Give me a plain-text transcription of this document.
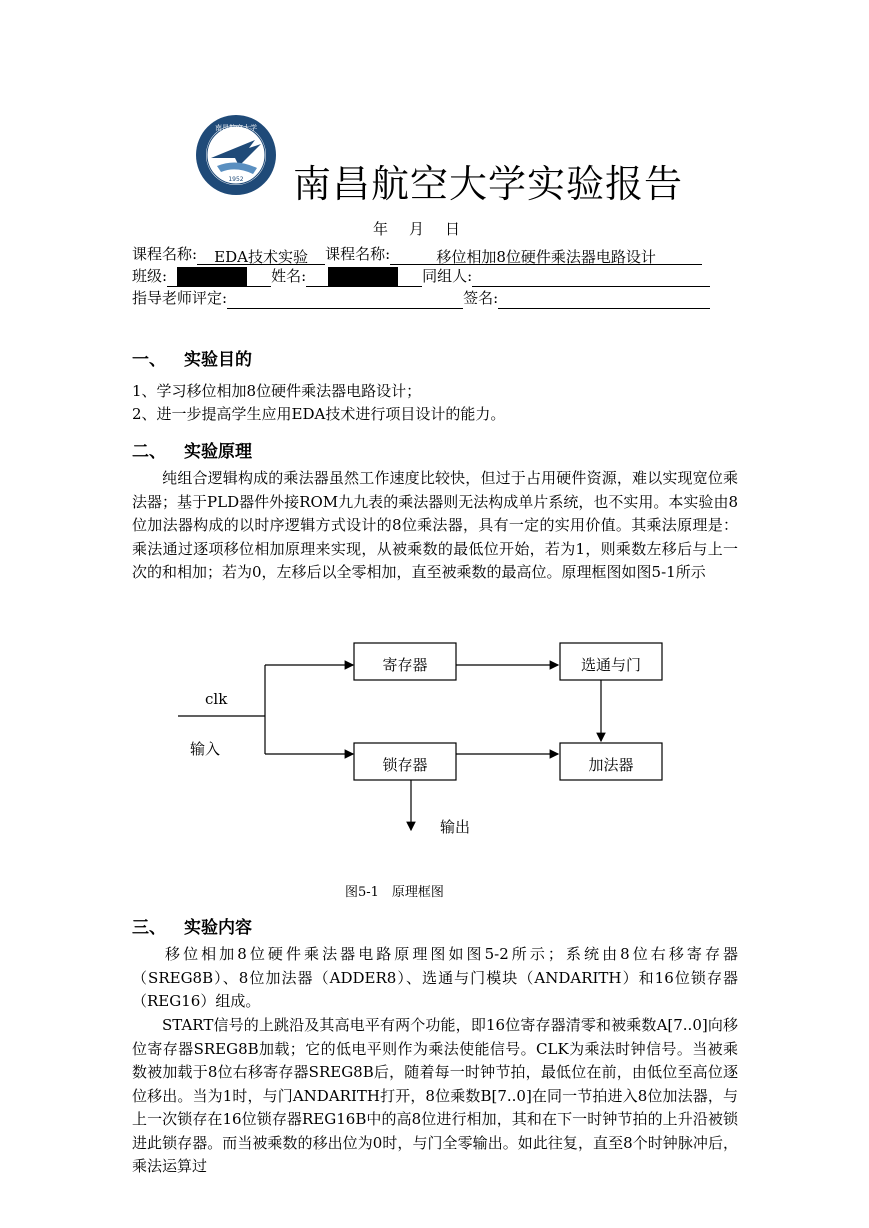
1952
南昌航空大学
南昌航空大学实验报告
年 月 日
课程名称: EDA技术实验 课程名称:	移位相加8位硬件乘法器电路设计
班级:	姓名:	同组人:
指导老师评定:	签名:
一、 实验目的
1、学习移位相加8位硬件乘法器电路设计；
2、进一步提高学生应用EDA技术进行项目设计的能力。
二、 实验原理
纯组合逻辑构成的乘法器虽然工作速度比较快，但过于占用硬件资源，难以实现宽位乘法器；基于PLD器件外接ROM九九表的乘法器则无法构成单片系统，也不实用。本实验由8位加法器构成的以时序逻辑方式设计的8位乘法器，具有一定的实用价值。其乘法原理是：乘法通过逐项移位相加原理来实现，从被乘数的最低位开始，若为1，则乘数左移后与上一次的和相加；若为0，左移后以全零相加，直至被乘数的最高位。原理框图如图5-1所示
寄存器	选通与门
锁存器	加法器
clk
输入
输出
图5-1　原理框图
三、 实验内容
移位相加8位硬件乘法器电路原理图如图5-2所示；系统由8位右移寄存器（SREG8B）、8位加法器（ADDER8）、选通与门模块（ANDARITH）和16位锁存器（REG16）组成。
START信号的上跳沿及其高电平有两个功能，即16位寄存器清零和被乘数A[7..0]向移位寄存器SREG8B加载；它的低电平则作为乘法使能信号。CLK为乘法时钟信号。当被乘数被加载于8位右移寄存器SREG8B后，随着每一时钟节拍，最低位在前，由低位至高位逐位移出。当为1时，与门ANDARITH打开，8位乘数B[7..0]在同一节拍进入8位加法器，与上一次锁存在16位锁存器REG16B中的高8位进行相加，其和在下一时钟节拍的上升沿被锁进此锁存器。而当被乘数的移出位为0时，与门全零输出。如此往复，直至8个时钟脉冲后，乘法运算过
